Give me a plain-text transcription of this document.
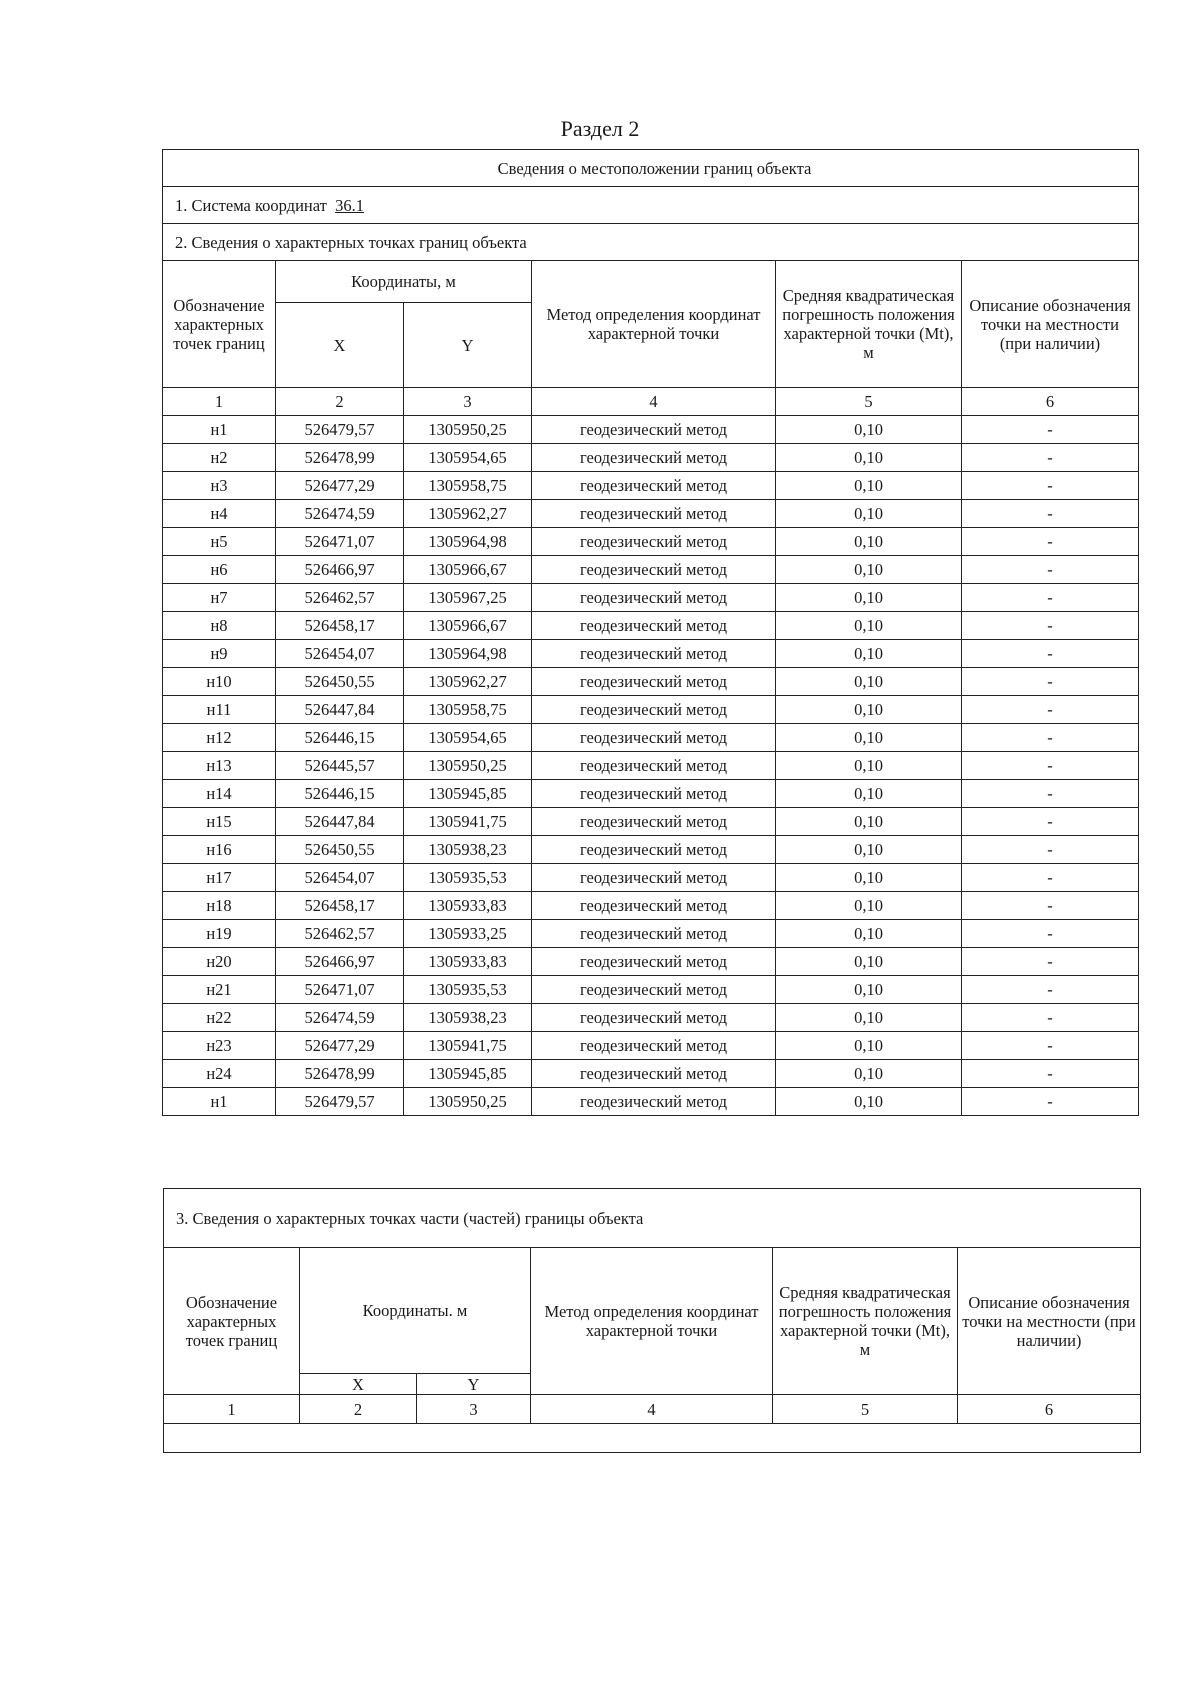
Раздел 2
Сведения о местоположении границ объекта					
1. Система координат 36.1					
2. Сведения о характерных точках границ объекта					
Обозначение характерных точек границ	Координаты, м		Метод определения координат характерной точки	Средняя квадратическая погрешность положения характерной точки (Mt), м	Описание обозначения точки на местности (при наличии)
	X	Y			
1	2	3	4	5	6
н1	526479,57	1305950,25	геодезический метод	0,10	-
н2	526478,99	1305954,65	геодезический метод	0,10	-
н3	526477,29	1305958,75	геодезический метод	0,10	-
н4	526474,59	1305962,27	геодезический метод	0,10	-
н5	526471,07	1305964,98	геодезический метод	0,10	-
н6	526466,97	1305966,67	геодезический метод	0,10	-
н7	526462,57	1305967,25	геодезический метод	0,10	-
н8	526458,17	1305966,67	геодезический метод	0,10	-
н9	526454,07	1305964,98	геодезический метод	0,10	-
н10	526450,55	1305962,27	геодезический метод	0,10	-
н11	526447,84	1305958,75	геодезический метод	0,10	-
н12	526446,15	1305954,65	геодезический метод	0,10	-
н13	526445,57	1305950,25	геодезический метод	0,10	-
н14	526446,15	1305945,85	геодезический метод	0,10	-
н15	526447,84	1305941,75	геодезический метод	0,10	-
н16	526450,55	1305938,23	геодезический метод	0,10	-
н17	526454,07	1305935,53	геодезический метод	0,10	-
н18	526458,17	1305933,83	геодезический метод	0,10	-
н19	526462,57	1305933,25	геодезический метод	0,10	-
н20	526466,97	1305933,83	геодезический метод	0,10	-
н21	526471,07	1305935,53	геодезический метод	0,10	-
н22	526474,59	1305938,23	геодезический метод	0,10	-
н23	526477,29	1305941,75	геодезический метод	0,10	-
н24	526478,99	1305945,85	геодезический метод	0,10	-
н1	526479,57	1305950,25	геодезический метод	0,10	-
3. Сведения о характерных точках части (частей) границы объекта					
Обозначение характерных точек границ	Координаты. м		Метод определения координат характерной точки	Средняя квадратическая погрешность положения характерной точки (Mt), м	Описание обозначения точки на местности (при наличии)
	X	Y			
1	2	3	4	5	6
